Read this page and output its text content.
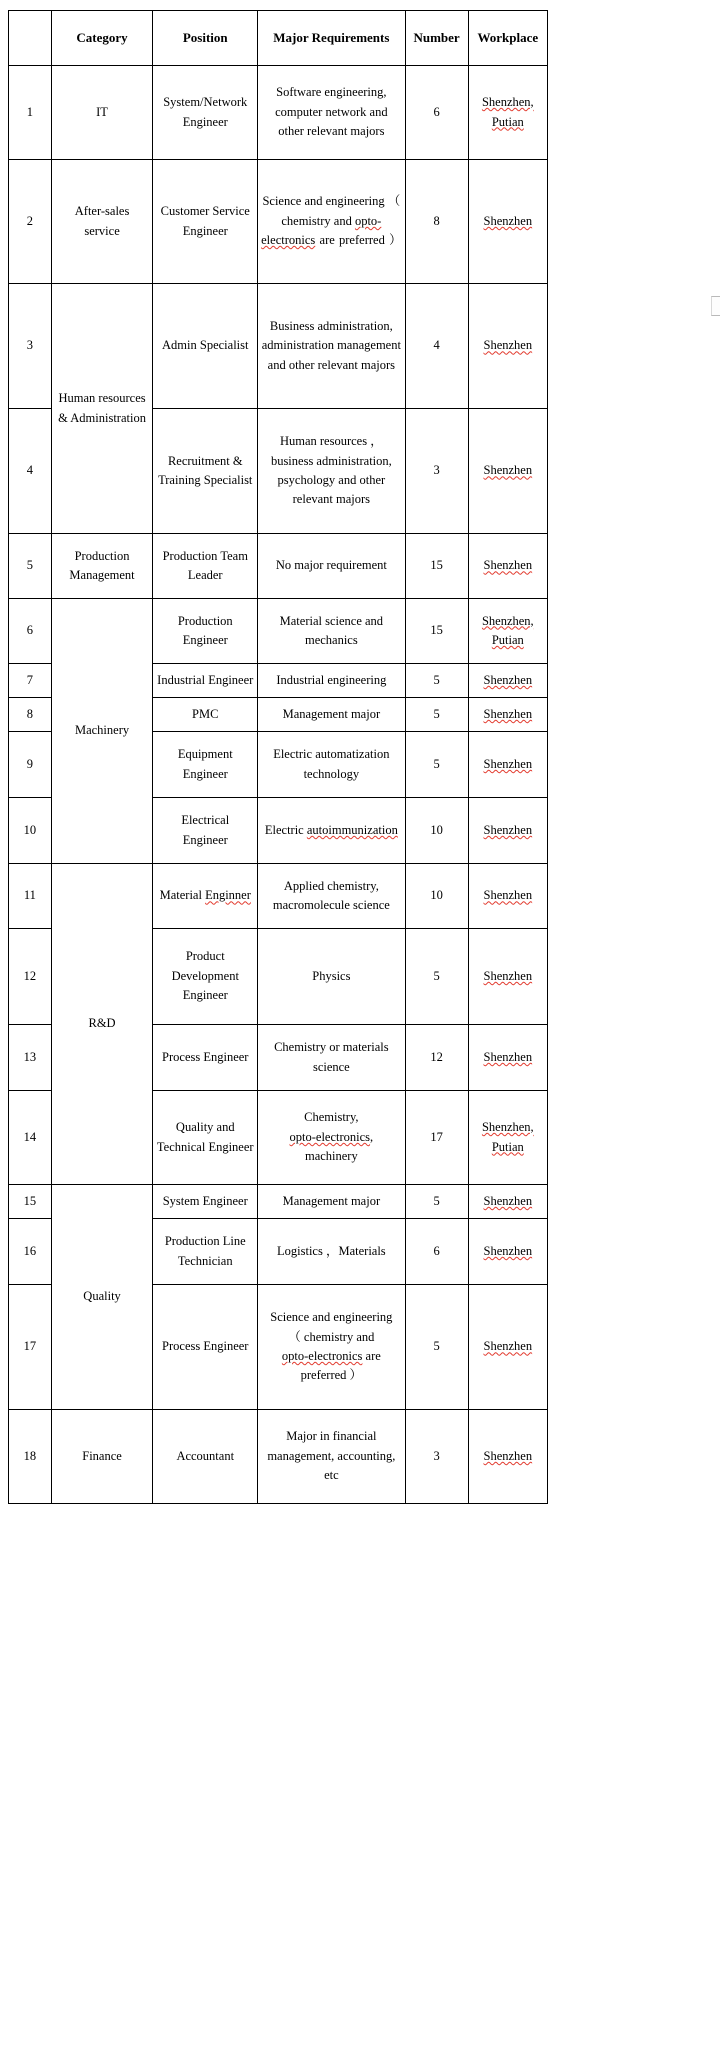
	Category	Position	Major Requirements	Number	Workplace
1	IT	System/Network Engineer	Software engineering, computer network and other relevant majors	6	Shenzhen,
Putian
2	After-sales
service	Customer Service Engineer	Science and engineering （ chemistry and opto-electronics are preferred ）	8	Shenzhen
3	Human resources
& Administration	Admin Specialist	Business administration, administration management and other relevant majors	4	Shenzhen
4		Recruitment & Training Specialist	Human resources ，business administration, psychology and other relevant majors	3	Shenzhen
5	Production
Management	Production Team
Leader	No major requirement	15	Shenzhen
6	Machinery	Production
Engineer	Material science and
mechanics	15	Shenzhen,
Putian
7		Industrial Engineer	Industrial engineering	5	Shenzhen
8		PMC	Management major	5	Shenzhen
9		Equipment
Engineer	Electric automatization
technology	5	Shenzhen
10		Electrical
Engineer	Electric autoimmunization	10	Shenzhen
11	R&D	Material Enginner	Applied chemistry,
macromolecule science	10	Shenzhen
12		Product
Development
Engineer	Physics	5	Shenzhen
13		Process Engineer	Chemistry or materials
science	12	Shenzhen
14		Quality and
Technical Engineer	Chemistry,
opto-electronics,
machinery	17	Shenzhen,
Putian
15	Quality	System Engineer	Management major	5	Shenzhen
16		Production Line
Technician	Logistics ，Materials	6	Shenzhen
17		Process Engineer	Science and engineering
（ chemistry and
opto-electronics are
preferred ）	5	Shenzhen
18	Finance	Accountant	Major in financial
management, accounting,
etc	3	Shenzhen
